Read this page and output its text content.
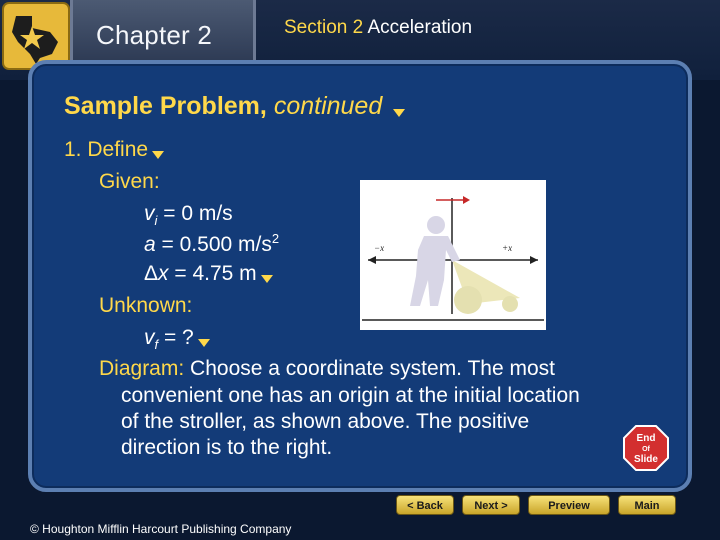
Chapter 2	Section 2 Acceleration
Sample Problem, continued
1. Define
Given:
$v_i = 0$ m/s
a = 0.500 $m/s^2$
Δx = 4.75 m
Unknown:
$v_f$ = ?
Diagram: Choose a coordinate system. The most
convenient one has an origin at the initial location
of the stroller, as shown above. The positive
direction is to the right.
−x	+x
End
Of
Slide
< Back	Next >	Preview	Main
© Houghton Mifflin Harcourt Publishing Company
